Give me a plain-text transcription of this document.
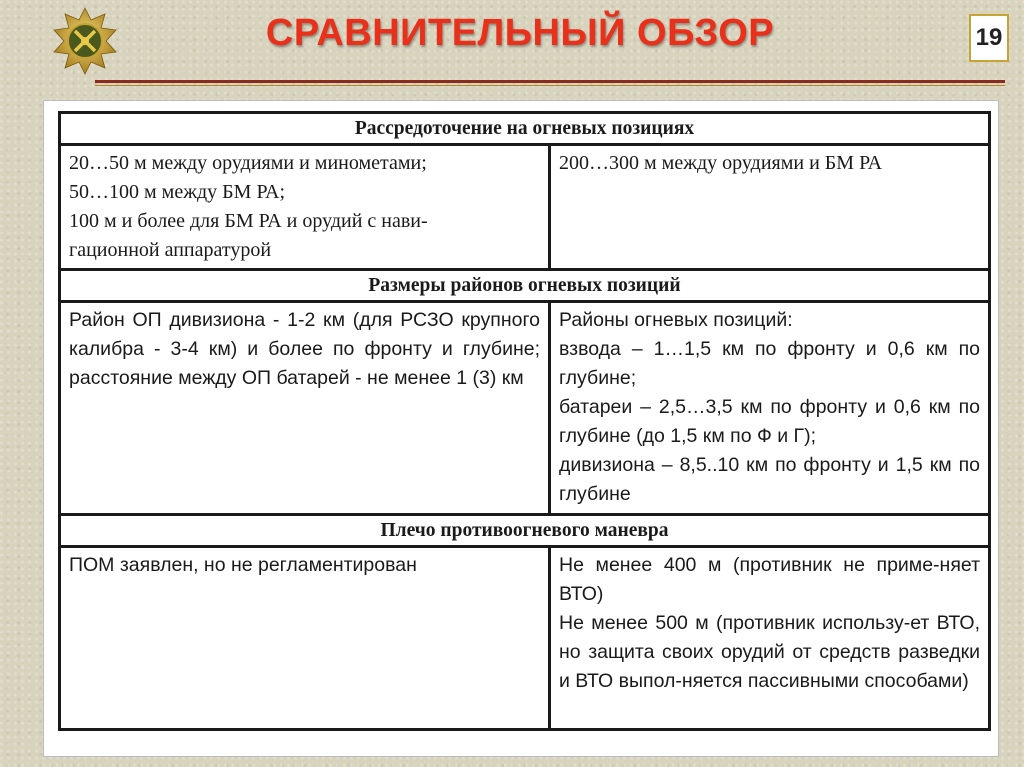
СРАВНИТЕЛЬНЫЙ ОБЗОР	19
Рассредоточение на огневых позициях	

20…50 м между орудиями и минометами;
50…100 м между БМ РА;
100 м и более для БМ РА и орудий с нави-
гационной аппаратурой	200…300 м между орудиями и БМ РА

Размеры районов огневых позиций	
Район ОП дивизиона - 1-2 км (для РСЗО крупного калибра - 3-4 км) и более по фронту и глубине; расстояние между ОП батарей - не менее 1 (3) км	Районы огневых позиций:
взвода – 1…1,5 км по фронту и 0,6 км по глубине;
батареи – 2,5…3,5 км по фронту и 0,6 км по глубине (до 1,5 км по Ф и Г);
дивизиона – 8,5..10 км по фронту и 1,5 км по глубине

Плечо противоогневого маневра	
ПОМ заявлен, но не регламентирован	Не менее 400 м (противник не приме-няет ВТО)
Не менее 500 м (противник использу-ет ВТО, но защита своих орудий от средств разведки и ВТО выпол-няется пассивными способами)
